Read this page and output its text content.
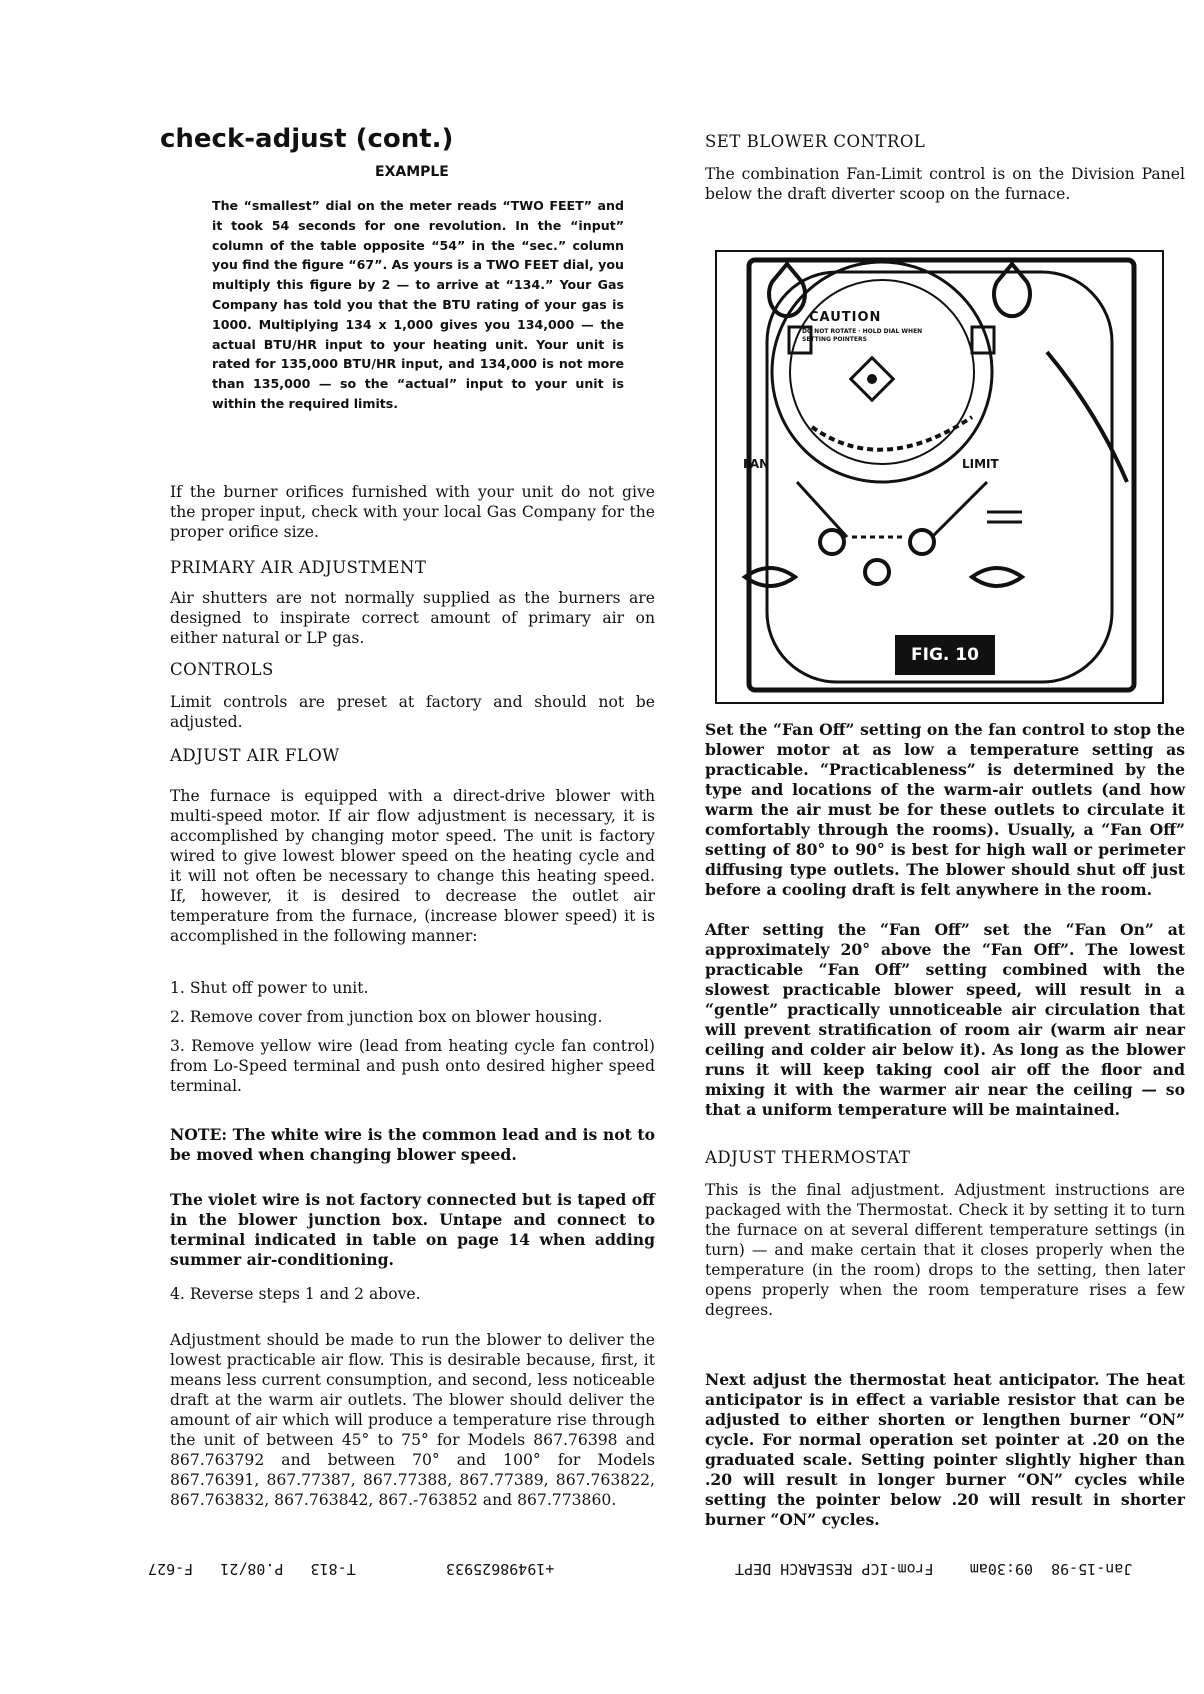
check-adjust (cont.)
EXAMPLE
The “smallest” dial on the meter reads “TWO FEET” and it took 54 seconds for one revolution. In the “input” column of the table opposite “54” in the “sec.” column you find the figure “67”. As yours is a TWO FEET dial, you multiply this figure by 2 — to arrive at “134.” Your Gas Company has told you that the BTU rating of your gas is 1000. Multiplying 134 x 1,000 gives you 134,000 — the actual BTU/HR input to your heating unit. Your unit is rated for 135,000 BTU/HR input, and 134,000 is not more than 135,000 — so the “actual” input to your unit is within the required limits.

If the burner orifices furnished with your unit do not give the proper input, check with your local Gas Company for the proper orifice size.

PRIMARY AIR ADJUSTMENT

Air shutters are not normally supplied as the burners are designed to inspirate correct amount of primary air on either natural or LP gas.

CONTROLS

Limit controls are preset at factory and should not be adjusted.

ADJUST AIR FLOW

The furnace is equipped with a direct-drive blower with multi-speed motor. If air flow adjustment is necessary, it is accomplished by changing motor speed. The unit is factory wired to give lowest blower speed on the heating cycle and it will not often be necessary to change this heating speed. If, however, it is desired to decrease the outlet air temperature from the furnace, (increase blower speed) it is accomplished in the following manner:

1. Shut off power to unit.

2. Remove cover from junction box on blower housing.

3. Remove yellow wire (lead from heating cycle fan control) from Lo-Speed terminal and push onto desired higher speed terminal.

NOTE: The white wire is the common lead and is not to be moved when changing blower speed.

The violet wire is not factory connected but is taped off in the blower junction box. Untape and connect to terminal indicated in table on page 14 when adding summer air-conditioning.

4. Reverse steps 1 and 2 above.

Adjustment should be made to run the blower to deliver the lowest practicable air flow. This is desirable because, first, it means less current consumption, and second, less noticeable draft at the warm air outlets. The blower should deliver the amount of air which will produce a temperature rise through the unit of between 45° to 75° for Models 867.76398 and 867.763792 and between 70° and 100° for Models 867.76391, 867.77387, 867.77388, 867.77389, 867.763822, 867.763832, 867.763842, 867.-763852 and 867.773860.

SET BLOWER CONTROL

The combination Fan-Limit control is on the Division Panel below the draft diverter scoop on the furnace.

CAUTION
DO NOT ROTATE · HOLD DIAL WHEN SETTING POINTERS
FAN	LIMIT
FIG. 10

Set the “Fan Off” setting on the fan control to stop the blower motor at as low a temperature setting as practicable. “Practicableness” is determined by the type and locations of the warm-air outlets (and how warm the air must be for these outlets to circulate it comfortably through the rooms). Usually, a “Fan Off” setting of 80° to 90° is best for high wall or perimeter diffusing type outlets. The blower should shut off just before a cooling draft is felt anywhere in the room.

After setting the “Fan Off” set the “Fan On” at approximately 20° above the “Fan Off”. The lowest practicable “Fan Off” setting combined with the slowest practicable blower speed, will result in a “gentle” practically unnoticeable air circulation that will prevent stratification of room air (warm air near ceiling and colder air below it). As long as the blower runs it will keep taking cool air off the floor and mixing it with the warmer air near the ceiling — so that a uniform temperature will be maintained.

ADJUST THERMOSTAT

This is the final adjustment. Adjustment instructions are packaged with the Thermostat. Check it by setting it to turn the furnace on at several different temperature settings (in turn) — and make certain that it closes properly when the temperature (in the room) drops to the setting, then later opens properly when the room temperature rises a few degrees.

Next adjust the thermostat heat anticipator. The heat anticipator is in effect a variable resistor that can be adjusted to either shorten or lengthen burner “ON” cycle. For normal operation set pointer at .20 on the graduated scale. Setting pointer slightly higher than .20 will result in longer burner “ON” cycles while setting the pointer below .20 will result in shorter burner “ON” cycles.

+19498625933          T-813   P.08/21   F-627	Jan-15-98  09:30am    From-ICP RESEARCH DEPT
